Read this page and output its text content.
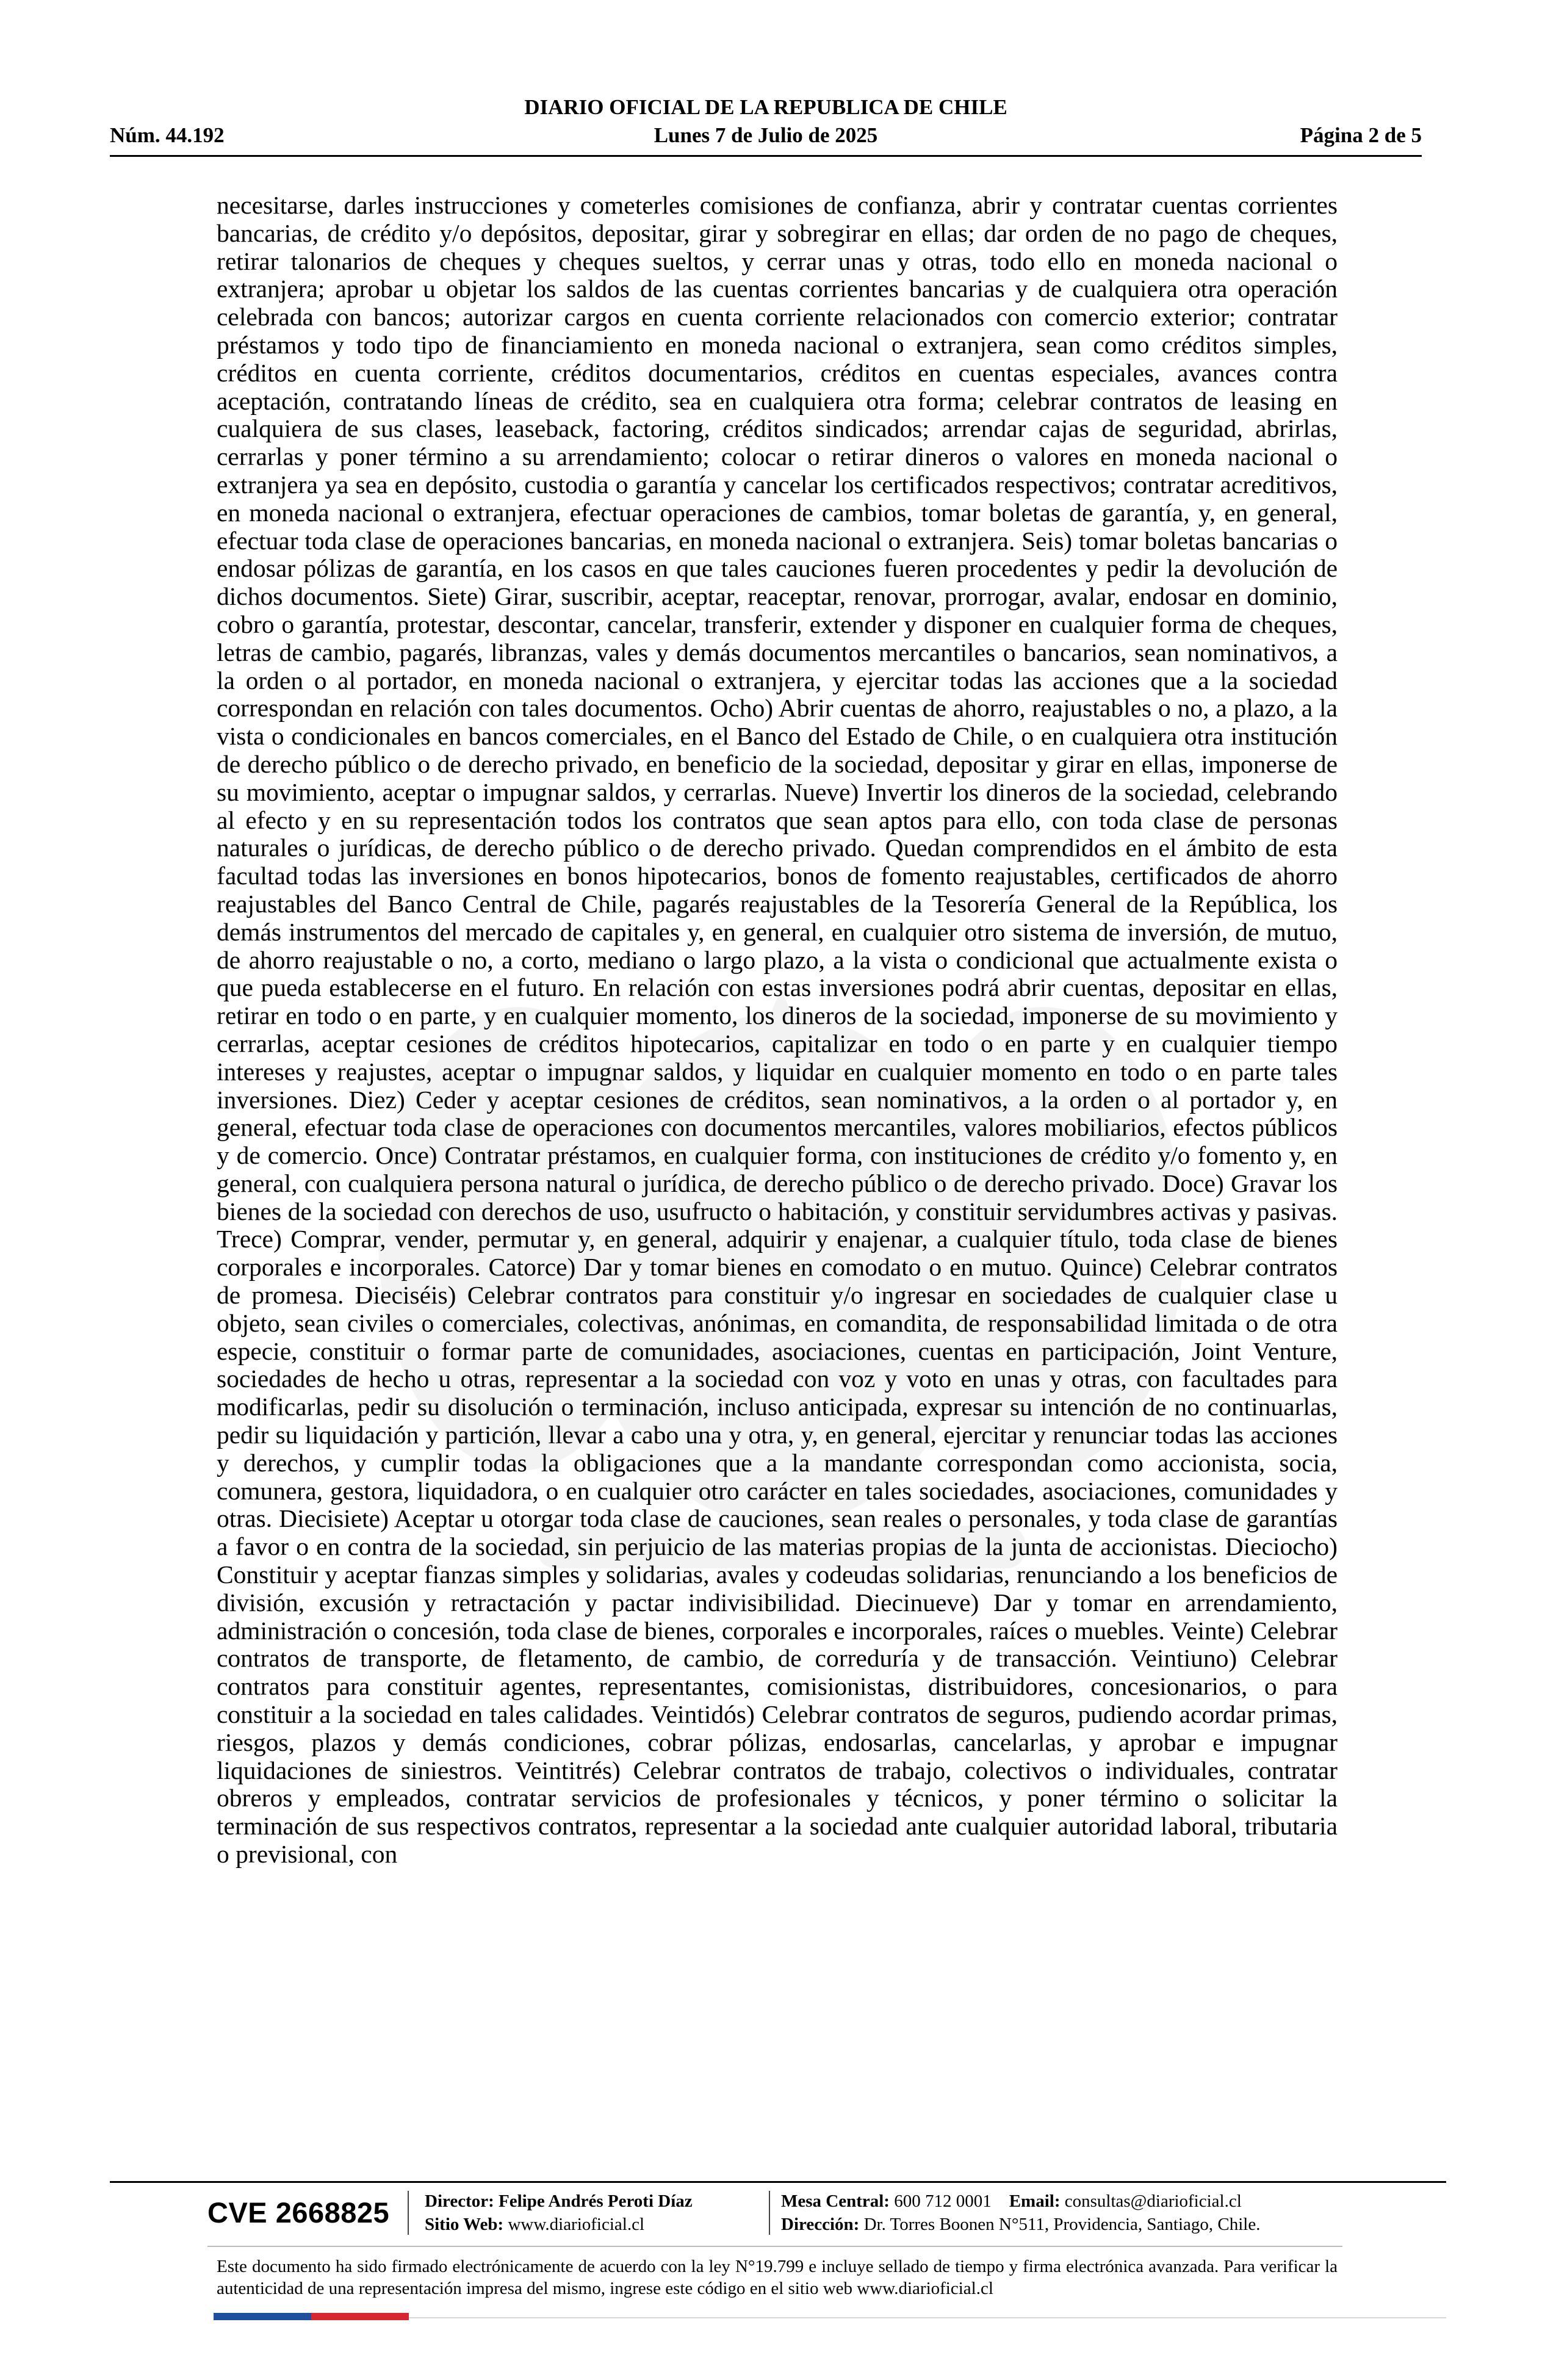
DIARIO OFICIAL DE LA REPUBLICA DE CHILE
Núm. 44.192	Lunes 7 de Julio de 2025	Página 2 de 5
necesitarse, darles instrucciones y cometerles comisiones de confianza, abrir y contratar cuentas corrientes bancarias, de crédito y/o depósitos, depositar, girar y sobregirar en ellas; dar orden de no pago de cheques, retirar talonarios de cheques y cheques sueltos, y cerrar unas y otras, todo ello en moneda nacional o extranjera; aprobar u objetar los saldos de las cuentas corrientes bancarias y de cualquiera otra operación celebrada con bancos; autorizar cargos en cuenta corriente relacionados con comercio exterior; contratar préstamos y todo tipo de financiamiento en moneda nacional o extranjera, sean como créditos simples, créditos en cuenta corriente, créditos documentarios, créditos en cuentas especiales, avances contra aceptación, contratando líneas de crédito, sea en cualquiera otra forma; celebrar contratos de leasing en cualquiera de sus clases, leaseback, factoring, créditos sindicados; arrendar cajas de seguridad, abrirlas, cerrarlas y poner término a su arrendamiento; colocar o retirar dineros o valores en moneda nacional o extranjera ya sea en depósito, custodia o garantía y cancelar los certificados respectivos; contratar acreditivos, en moneda nacional o extranjera, efectuar operaciones de cambios, tomar boletas de garantía, y, en general, efectuar toda clase de operaciones bancarias, en moneda nacional o extranjera. Seis) tomar boletas bancarias o endosar pólizas de garantía, en los casos en que tales cauciones fueren procedentes y pedir la devolución de dichos documentos. Siete) Girar, suscribir, aceptar, reaceptar, renovar, prorrogar, avalar, endosar en dominio, cobro o garantía, protestar, descontar, cancelar, transferir, extender y disponer en cualquier forma de cheques, letras de cambio, pagarés, libranzas, vales y demás documentos mercantiles o bancarios, sean nominativos, a la orden o al portador, en moneda nacional o extranjera, y ejercitar todas las acciones que a la sociedad correspondan en relación con tales documentos. Ocho) Abrir cuentas de ahorro, reajustables o no, a plazo, a la vista o condicionales en bancos comerciales, en el Banco del Estado de Chile, o en cualquiera otra institución de derecho público o de derecho privado, en beneficio de la sociedad, depositar y girar en ellas, imponerse de su movimiento, aceptar o impugnar saldos, y cerrarlas. Nueve) Invertir los dineros de la sociedad, celebrando al efecto y en su representación todos los contratos que sean aptos para ello, con toda clase de personas naturales o jurídicas, de derecho público o de derecho privado. Quedan comprendidos en el ámbito de esta facultad todas las inversiones en bonos hipotecarios, bonos de fomento reajustables, certificados de ahorro reajustables del Banco Central de Chile, pagarés reajustables de la Tesorería General de la República, los demás instrumentos del mercado de capitales y, en general, en cualquier otro sistema de inversión, de mutuo, de ahorro reajustable o no, a corto, mediano o largo plazo, a la vista o condicional que actualmente exista o que pueda establecerse en el futuro. En relación con estas inversiones podrá abrir cuentas, depositar en ellas, retirar en todo o en parte, y en cualquier momento, los dineros de la sociedad, imponerse de su movimiento y cerrarlas, aceptar cesiones de créditos hipotecarios, capitalizar en todo o en parte y en cualquier tiempo intereses y reajustes, aceptar o impugnar saldos, y liquidar en cualquier momento en todo o en parte tales inversiones. Diez) Ceder y aceptar cesiones de créditos, sean nominativos, a la orden o al portador y, en general, efectuar toda clase de operaciones con documentos mercantiles, valores mobiliarios, efectos públicos y de comercio. Once) Contratar préstamos, en cualquier forma, con instituciones de crédito y/o fomento y, en general, con cualquiera persona natural o jurídica, de derecho público o de derecho privado. Doce) Gravar los bienes de la sociedad con derechos de uso, usufructo o habitación, y constituir servidumbres activas y pasivas. Trece) Comprar, vender, permutar y, en general, adquirir y enajenar, a cualquier título, toda clase de bienes corporales e incorporales. Catorce) Dar y tomar bienes en comodato o en mutuo. Quince) Celebrar contratos de promesa. Dieciséis) Celebrar contratos para constituir y/o ingresar en sociedades de cualquier clase u objeto, sean civiles o comerciales, colectivas, anónimas, en comandita, de responsabilidad limitada o de otra especie, constituir o formar parte de comunidades, asociaciones, cuentas en participación, Joint Venture, sociedades de hecho u otras, representar a la sociedad con voz y voto en unas y otras, con facultades para modificarlas, pedir su disolución o terminación, incluso anticipada, expresar su intención de no continuarlas, pedir su liquidación y partición, llevar a cabo una y otra, y, en general, ejercitar y renunciar todas las acciones y derechos, y cumplir todas la obligaciones que a la mandante correspondan como accionista, socia, comunera, gestora, liquidadora, o en cualquier otro carácter en tales sociedades, asociaciones, comunidades y otras. Diecisiete) Aceptar u otorgar toda clase de cauciones, sean reales o personales, y toda clase de garantías a favor o en contra de la sociedad, sin perjuicio de las materias propias de la junta de accionistas. Dieciocho) Constituir y aceptar fianzas simples y solidarias, avales y codeudas solidarias, renunciando a los beneficios de división, excusión y retractación y pactar indivisibilidad. Diecinueve) Dar y tomar en arrendamiento, administración o concesión, toda clase de bienes, corporales e incorporales, raíces o muebles. Veinte) Celebrar contratos de transporte, de fletamento, de cambio, de correduría y de transacción. Veintiuno) Celebrar contratos para constituir agentes, representantes, comisionistas, distribuidores, concesionarios, o para constituir a la sociedad en tales calidades. Veintidós) Celebrar contratos de seguros, pudiendo acordar primas, riesgos, plazos y demás condiciones, cobrar pólizas, endosarlas, cancelarlas, y aprobar e impugnar liquidaciones de siniestros. Veintitrés) Celebrar contratos de trabajo, colectivos o individuales, contratar obreros y empleados, contratar servicios de profesionales y técnicos, y poner término o solicitar la terminación de sus respectivos contratos, representar a la sociedad ante cualquier autoridad laboral, tributaria o previsional, con
CVE 2668825 Director: Felipe Andrés Peroti Díaz
Sitio Web: www.diarioficial.cl
Mesa Central: 600 712 0001 Email: consultas@diarioficial.cl
Dirección: Dr. Torres Boonen N°511, Providencia, Santiago, Chile.
Este documento ha sido firmado electrónicamente de acuerdo con la ley N°19.799 e incluye sellado de tiempo y firma electrónica avanzada. Para verificar la autenticidad de una representación impresa del mismo, ingrese este código en el sitio web www.diarioficial.cl
